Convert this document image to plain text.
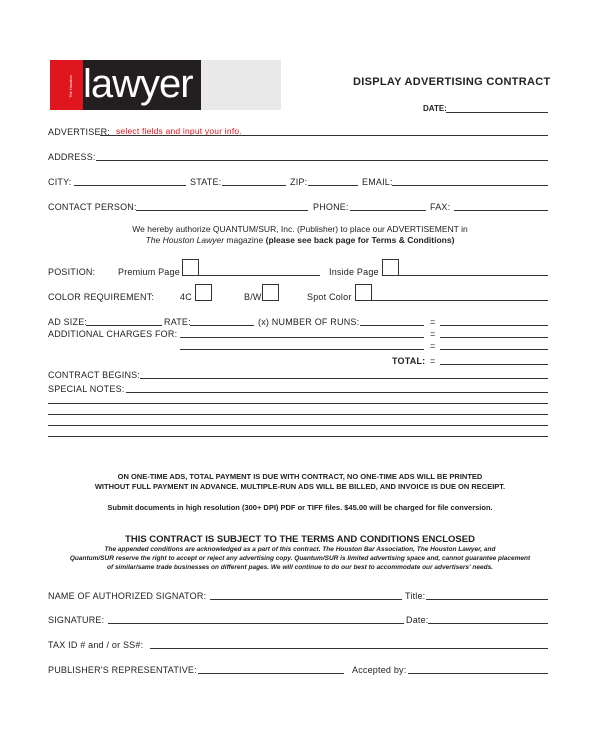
lawyer
The Houston	DISPLAY ADVERTISING CONTRACT
DATE:
ADVERTISER: select fields and input your info.
ADDRESS:
CITY:	STATE:	ZIP:	EMAIL:
CONTACT PERSON:	PHONE:	FAX:
We hereby authorize QUANTUM/SUR, Inc. (Publisher) to place our ADVERTISEMENT in
The Houston Lawyer magazine (please see back page for Terms & Conditions)
POSITION:	Premium Page	Inside Page
COLOR REQUIREMENT:	4C	B/W	Spot Color
AD SIZE:	RATE:	(x) NUMBER OF RUNS:	=
ADDITIONAL CHARGES FOR:	=
=
TOTAL: =
CONTRACT BEGINS:
SPECIAL NOTES:
ON ONE-TIME ADS, TOTAL PAYMENT IS DUE WITH CONTRACT, NO ONE-TIME ADS WILL BE PRINTED
WITHOUT FULL PAYMENT IN ADVANCE. MULTIPLE-RUN ADS WILL BE BILLED, AND INVOICE IS DUE ON RECEIPT.
Submit documents in high resolution (300+ DPI) PDF or TIFF files. $45.00 will be charged for file conversion.
THIS CONTRACT IS SUBJECT TO THE TERMS AND CONDITIONS ENCLOSED
The appended conditions are acknowledged as a part of this contract. The Houston Bar Association, The Houston Lawyer, and
Quantum/SUR reserve the right to accept or reject any advertising copy. Quantum/SUR is limited advertising space and, cannot guarantee placement
of similar/same trade businesses on different pages. We will continue to do our best to accommodate our advertisers' needs.
NAME OF AUTHORIZED SIGNATOR:	Title:
SIGNATURE:	Date:
TAX ID # and / or SS#:
PUBLISHER'S REPRESENTATIVE:	Accepted by:
